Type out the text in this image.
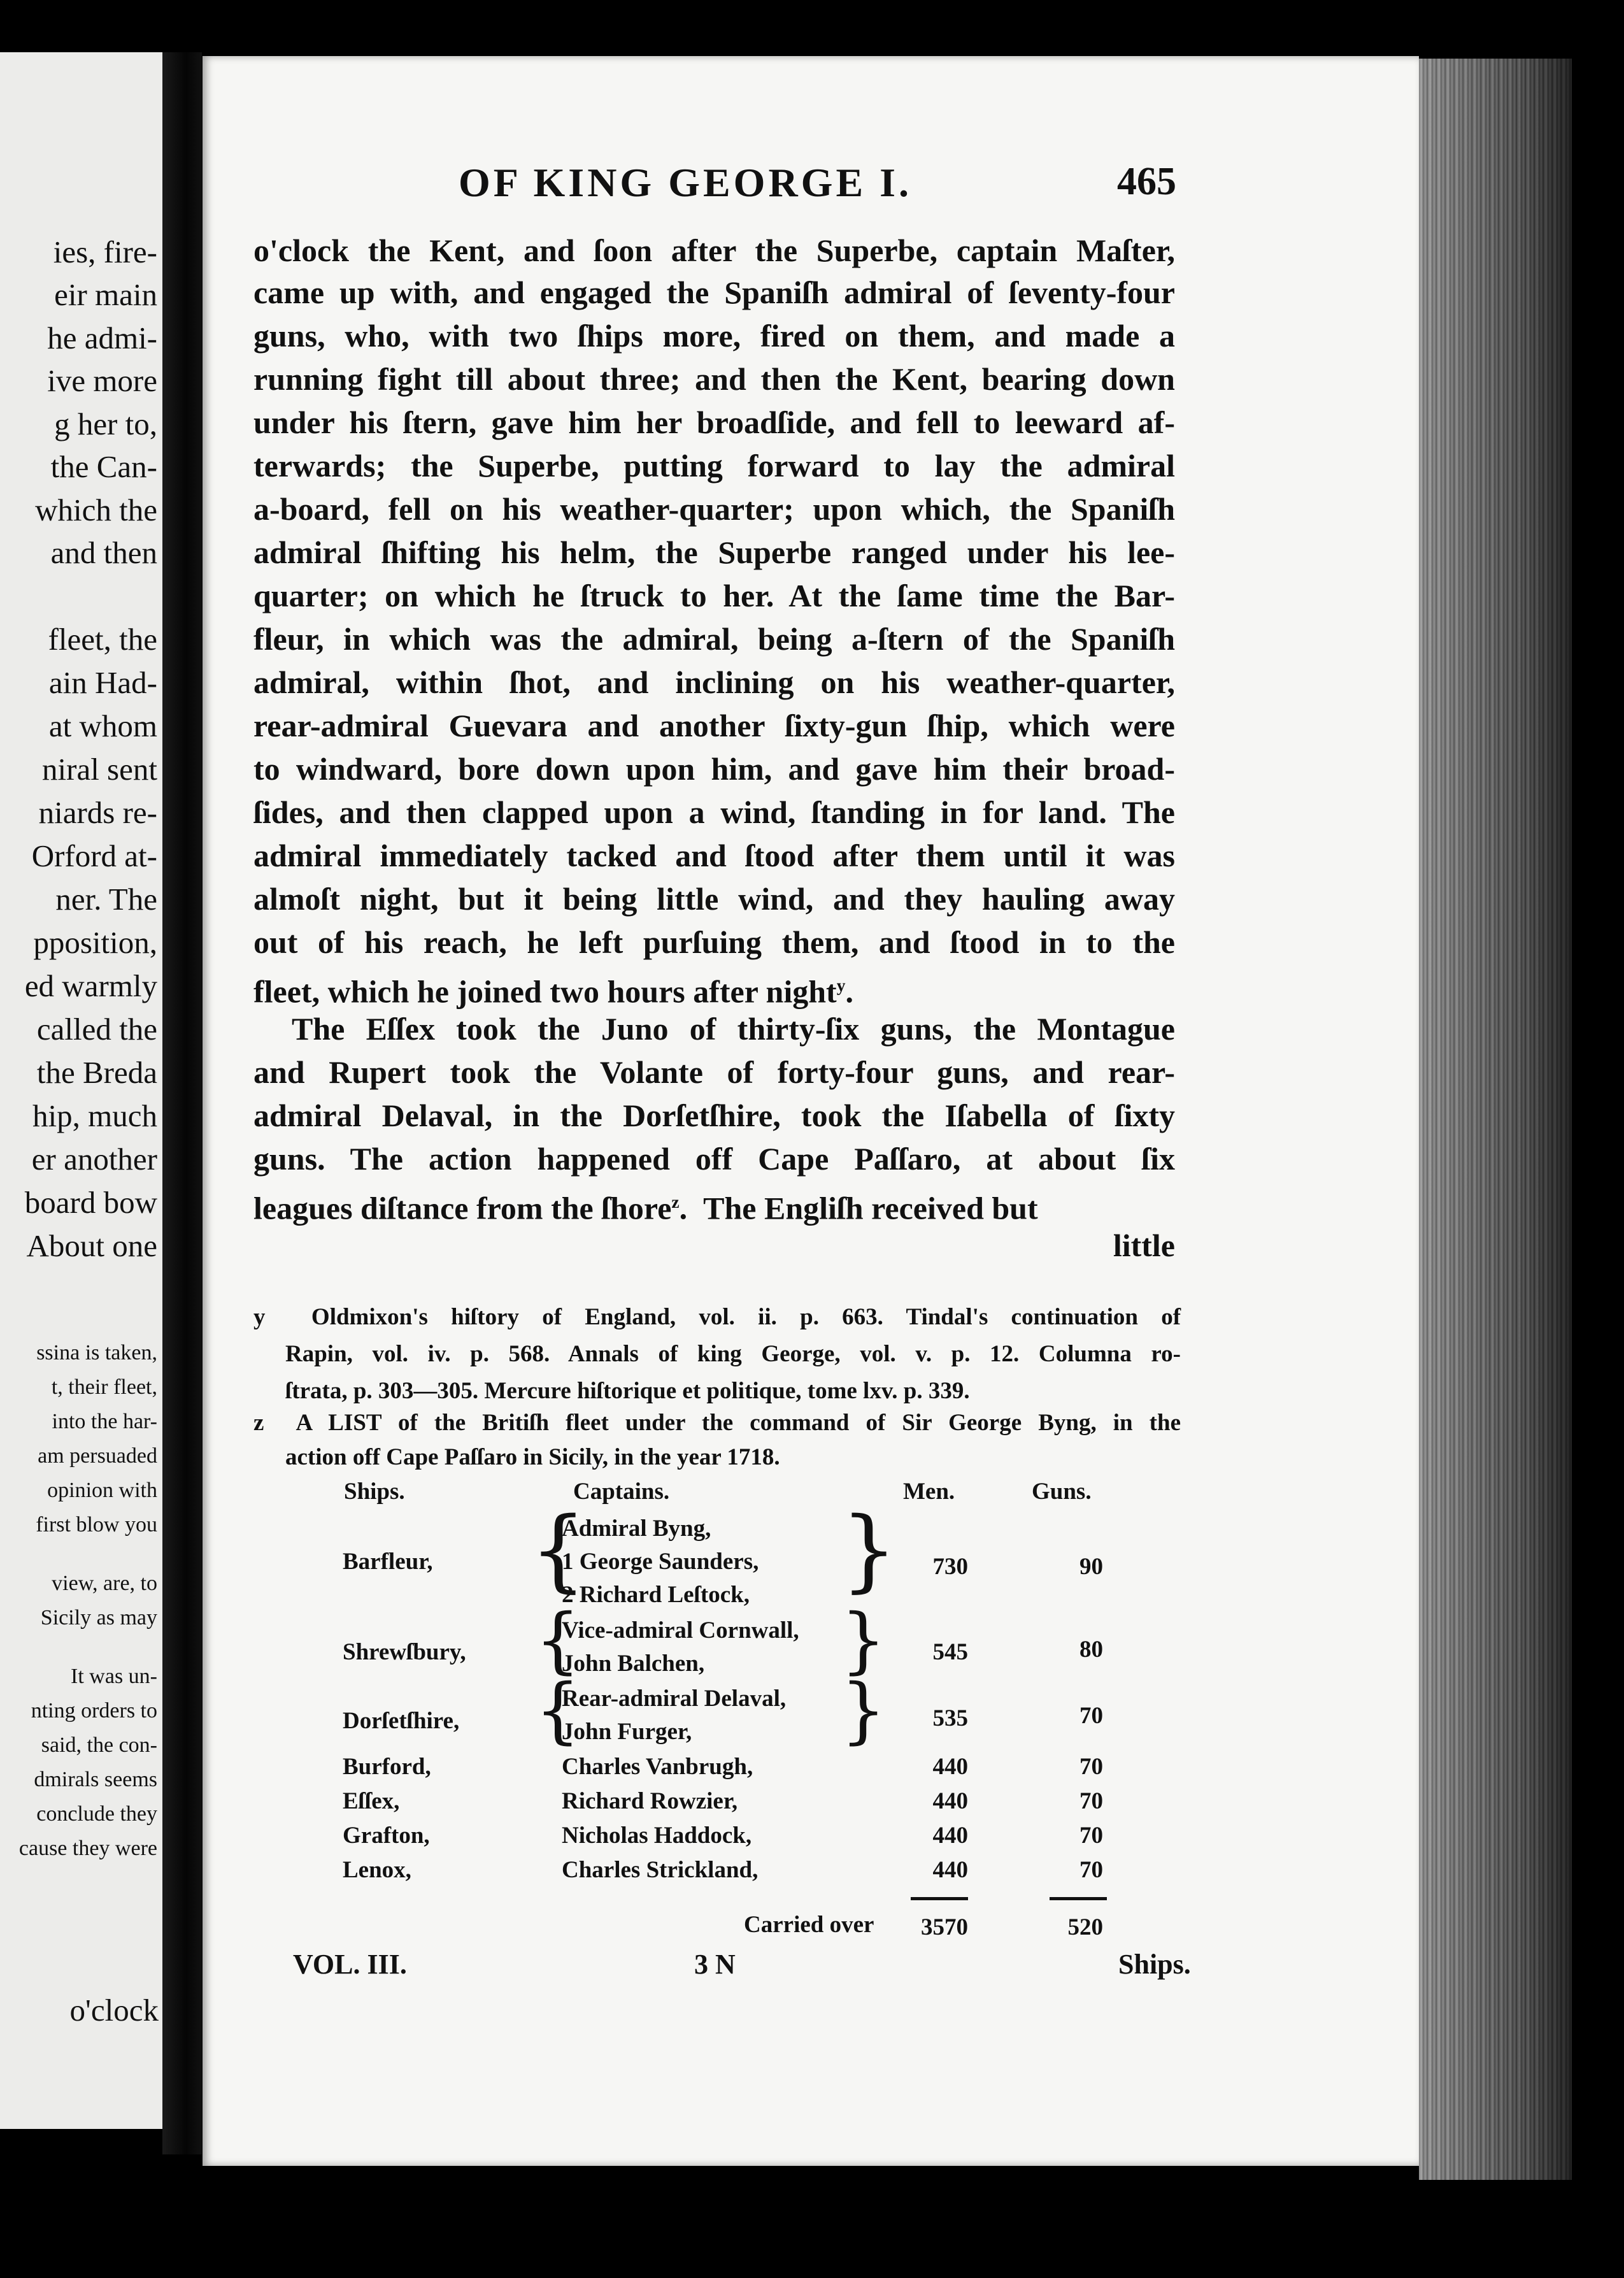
ies, fire-
eir main
he admi-
ive more
g her to,
the Can-
which the
and then
fleet, the
ain Had-
at whom
niral sent
niards re-
Orford at-
ner. The
pposition,
ed warmly
called the
the Breda
hip, much
er another
board bow
About one
ssina is taken,
t, their fleet,
into the har-
am persuaded
opinion with
first blow you
view, are, to
Sicily as may
It was un-
nting orders to
said, the con-
dmirals seems
conclude they
cause they were
o'clock
OF KING GEORGE I.	465
o'clock the Kent, and ſoon after the Superbe, captain Maſter,
came up with, and engaged the Spaniſh admiral of ſeventy-four
guns, who, with two ſhips more, fired on them, and made a
running fight till about three; and then the Kent, bearing down
under his ſtern, gave him her broadſide, and fell to leeward af-
terwards; the Superbe, putting forward to lay the admiral
a-board, fell on his weather-quarter; upon which, the Spaniſh
admiral ſhifting his helm, the Superbe ranged under his lee-
quarter; on which he ſtruck to her. At the ſame time the Bar-
fleur, in which was the admiral, being a-ſtern of the Spaniſh
admiral, within ſhot, and inclining on his weather-quarter,
rear-admiral Guevara and another ſixty-gun ſhip, which were
to windward, bore down upon him, and gave him their broad-
ſides, and then clapped upon a wind, ſtanding in for land. The
admiral immediately tacked and ſtood after them until it was
almoſt night, but it being little wind, and they hauling away
out of his reach, he left purſuing them, and ſtood in to the
fleet, which he joined two hours after night$^y$.
The Eſſex took the Juno of thirty-ſix guns, the Montague
and Rupert took the Volante of forty-four guns, and rear-
admiral Delaval, in the Dorſetſhire, took the Iſabella of ſixty
guns. The action happened off Cape Paſſaro, at about ſix
leagues diſtance from the ſhore$^z$.  The Engliſh received but
little
y Oldmixon's hiſtory of England, vol. ii. p. 663. Tindal's continuation of
Rapin, vol. iv. p. 568. Annals of king George, vol. v. p. 12. Columna ro-
ſtrata, p. 303—305. Mercure hiſtorique et politique, tome lxv. p. 339.
z A LIST of the Britiſh fleet under the command of Sir George Byng, in the
action off Cape Paſſaro in Sicily, in the year 1718.
Ships.	Captains.	Men.	Guns.
Barfleur, {
Admiral Byng,
1 George Saunders,
2 Richard Leſtock, }	730	90
Shrewſbury, {
Vice-admiral Cornwall,
John Balchen, }	545	80
Dorſetſhire, {
Rear-admiral Delaval,
John Furger, }	535	70
Burford,	Charles Vanbrugh,	440	70
Eſſex,	Richard Rowzier,	440	70
Grafton,	Nicholas Haddock,	440	70
Lenox,	Charles Strickland,	440	70
Carried over	3570	520
VOL. III.	3 N	Ships.
